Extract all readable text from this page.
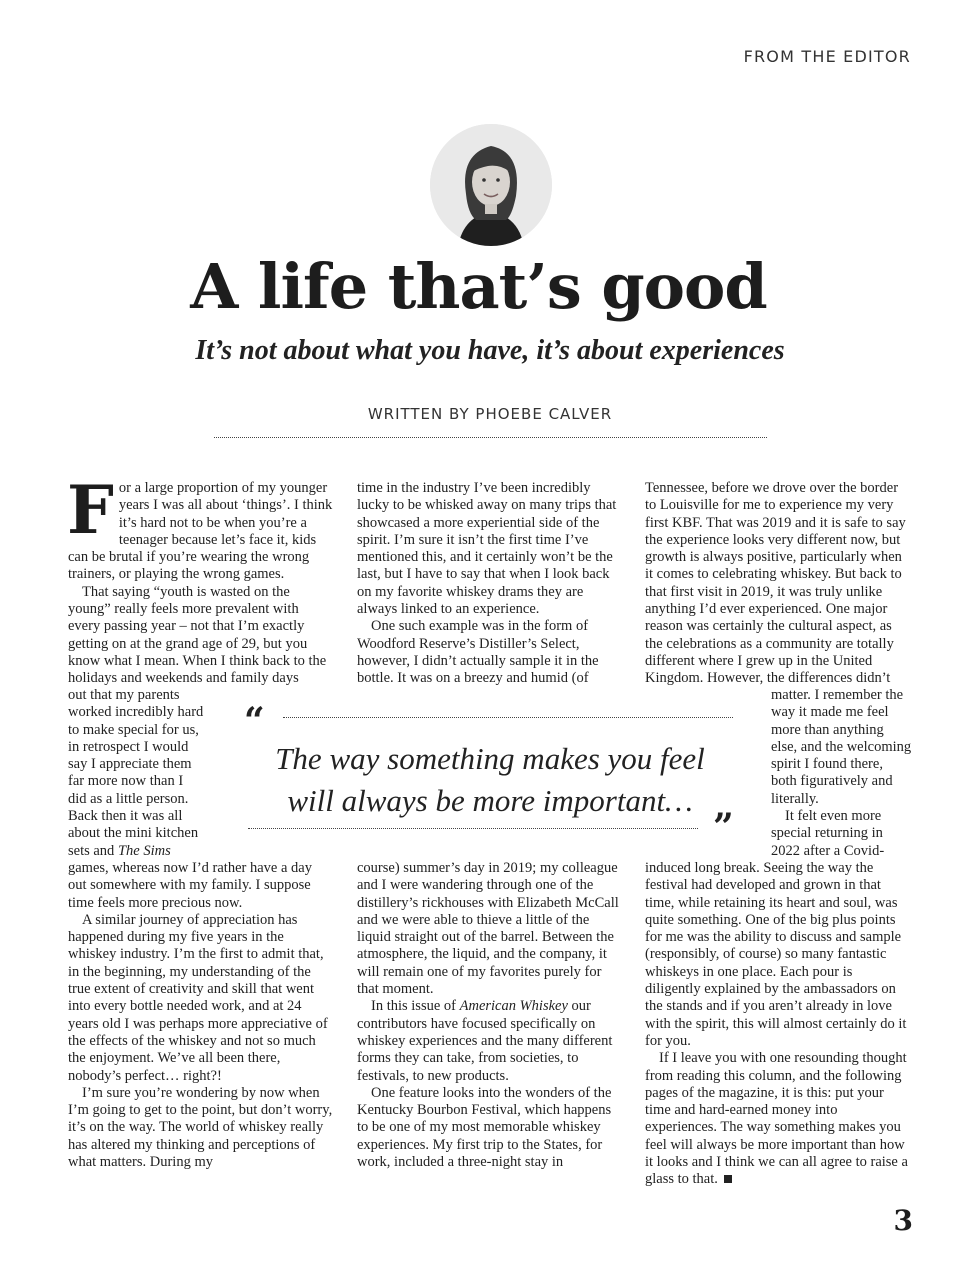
FROM THE EDITOR
A life that’s good
It’s not about what you have, it’s about experiences
WRITTEN BY PHOEBE CALVER

For a large proportion of my younger years I was all about ‘things’. I think it’s hard not to be when you’re a teenager because let’s face it, kids can be brutal if you’re wearing the wrong trainers, or playing the wrong games.

That saying “youth is wasted on the young” really feels more prevalent with every passing year – not that I’m exactly getting on at the grand age of 29, but you know what I mean. When I think back to the holidays and weekends and family days

out that my parents
worked incredibly hard
to make special for us,
in retrospect I would
say I appreciate them
far more now than I
did as a little person.
Back then it was all
about the mini kitchen
sets and The Sims

games, whereas now I’d rather have a day out somewhere with my family. I suppose time feels more precious now.

A similar journey of appreciation has happened during my five years in the whiskey industry. I’m the first to admit that, in the beginning, my understanding of the true extent of creativity and skill that went into every bottle needed work, and at 24 years old I was perhaps more appreciative of the effects of the whiskey and not so much the enjoyment. We’ve all been there, nobody’s perfect… right?!

I’m sure you’re wondering by now when I’m going to get to the point, but don’t worry, it’s on the way. The world of whiskey really has altered my thinking and perceptions of what matters. During my

time in the industry I’ve been incredibly lucky to be whisked away on many trips that showcased a more experiential side of the spirit. I’m sure it isn’t the first time I’ve mentioned this, and it certainly won’t be the last, but I have to say that when I look back on my favorite whiskey drams they are always linked to an experience.

One such example was in the form of Woodford Reserve’s Distiller’s Select, however, I didn’t actually sample it in the bottle. It was on a breezy and humid (of

course) summer’s day in 2019; my colleague and I were wandering through one of the distillery’s rickhouses with Elizabeth McCall and we were able to thieve a little of the liquid straight out of the barrel. Between the atmosphere, the liquid, and the company, it will remain one of my favorites purely for that moment.

In this issue of American Whiskey our contributors have focused specifically on whiskey experiences and the many different forms they can take, from societies, to festivals, to new products.

One feature looks into the wonders of the Kentucky Bourbon Festival, which happens to be one of my most memorable whiskey experiences. My first trip to the States, for work, included a three-night stay in

Tennessee, before we drove over the border to Louisville for me to experience my very first KBF. That was 2019 and it is safe to say the experience looks very different now, but growth is always positive, particularly when it comes to celebrating whiskey. But back to that first visit in 2019, it was truly unlike anything I’d ever experienced. One major reason was certainly the cultural aspect, as the celebrations as a community are totally different where I grew up in the United Kingdom. However, the differences didn’t

matter. I remember the
way it made me feel
more than anything
else, and the welcoming
spirit I found there,
both figuratively and
literally.
It felt even more
special returning in
2022 after a Covid-

induced long break. Seeing the way the festival had developed and grown in that time, while retaining its heart and soul, was quite something. One of the big plus points for me was the ability to discuss and sample (responsibly, of course) so many fantastic whiskeys in one place. Each pour is diligently explained by the ambassadors on the stands and if you aren’t already in love with the spirit, this will almost certainly do it for you.

If I leave you with one resounding thought from reading this column, and the following pages of the magazine, it is this: put your time and hard-earned money into experiences. The way something makes you feel will always be more important than how it looks and I think we can all agree to raise a glass to that.

“
The way something makes you feel
will always be more important…
”
3
